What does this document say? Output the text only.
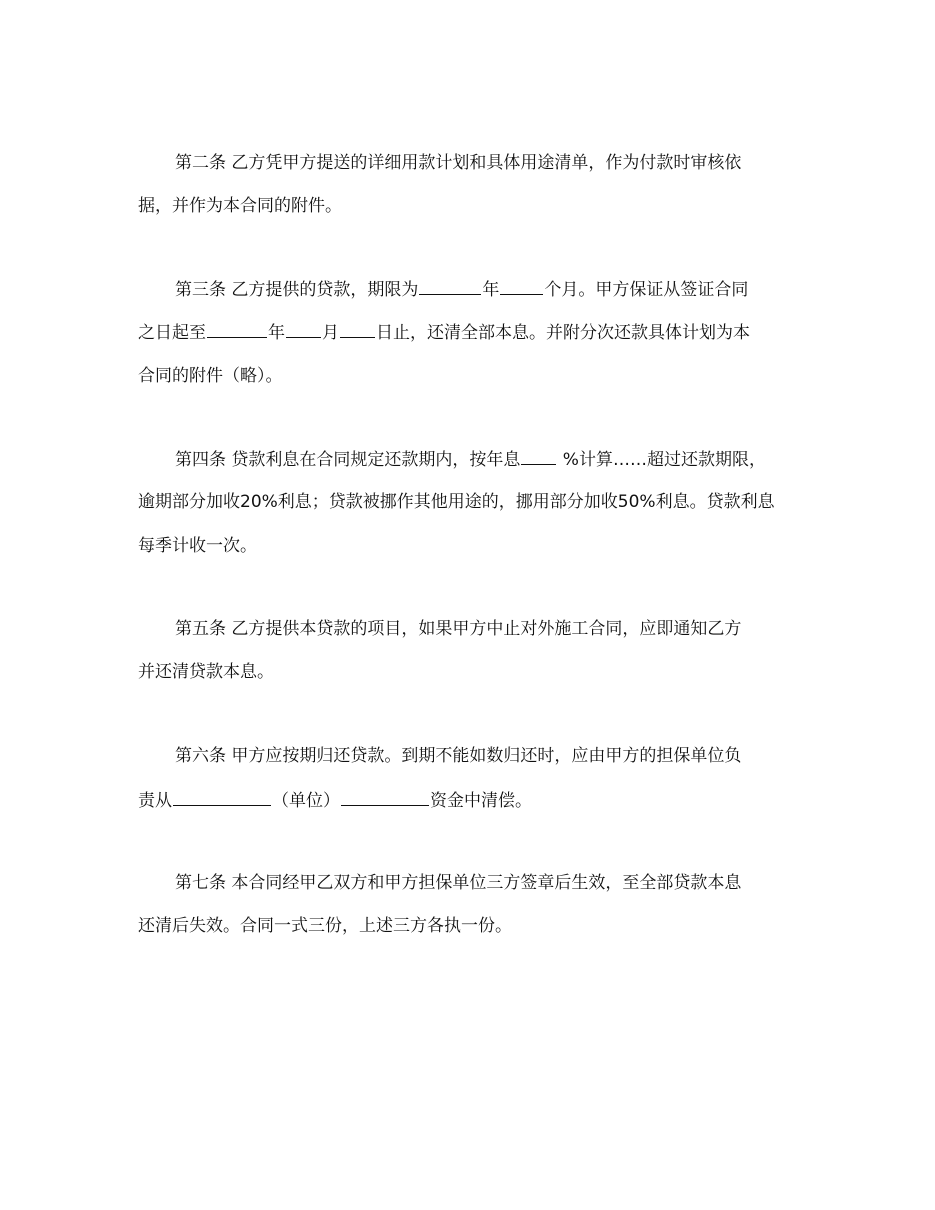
第二条 乙方凭甲方提送的详细用款计划和具体用途清单，作为付款时审核依
据，并作为本合同的附件。
第三条 乙方提供的贷款，期限为	年	个月。甲方保证从签证合同
之日起至	年 月 日止，还清全部本息。并附分次还款具体计划为本
合同的附件（略）。
第四条 贷款利息在合同规定还款期内，按年息 %计算……超过还款期限，
逾期部分加收20%利息；贷款被挪作其他用途的，挪用部分加收50%利息。贷款利息
每季计收一次。
第五条 乙方提供本贷款的项目，如果甲方中止对外施工合同，应即通知乙方
并还清贷款本息。
第六条 甲方应按期归还贷款。到期不能如数归还时，应由甲方的担保单位负
责从	（单位）	资金中清偿。
第七条 本合同经甲乙双方和甲方担保单位三方签章后生效，至全部贷款本息
还清后失效。合同一式三份，上述三方各执一份。
